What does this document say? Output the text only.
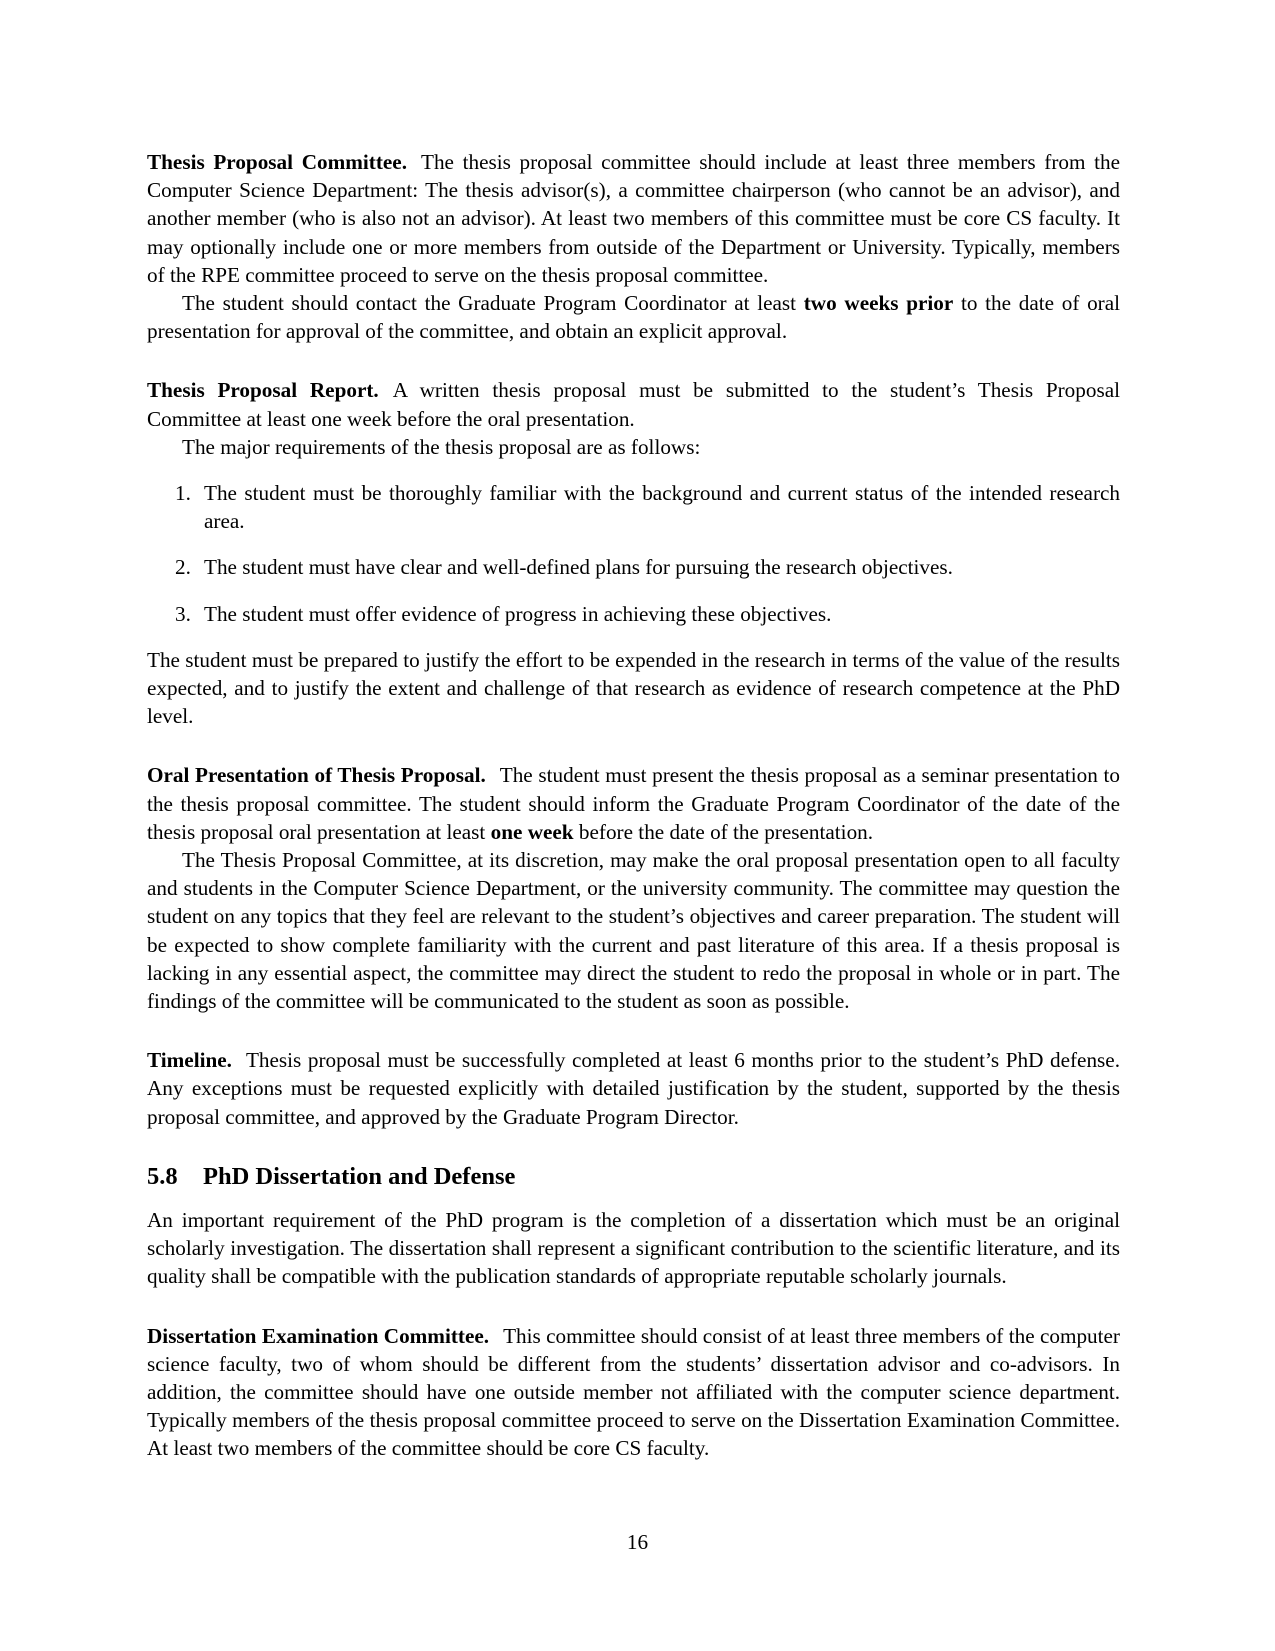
Thesis Proposal Committee. The thesis proposal committee should include at least three members from the Computer Science Department: The thesis advisor(s), a committee chairperson (who cannot be an advisor), and another member (who is also not an advisor). At least two members of this committee must be core CS faculty. It may optionally include one or more members from outside of the Department or University. Typically, members of the RPE committee proceed to serve on the thesis proposal committee.

The student should contact the Graduate Program Coordinator at least two weeks prior to the date of oral presentation for approval of the committee, and obtain an explicit approval.

Thesis Proposal Report. A written thesis proposal must be submitted to the student’s Thesis Proposal Committee at least one week before the oral presentation.

The major requirements of the thesis proposal are as follows:

1. The student must be thoroughly familiar with the background and current status of the intended research area.
2. The student must have clear and well-defined plans for pursuing the research objectives.
3. The student must offer evidence of progress in achieving these objectives.

The student must be prepared to justify the effort to be expended in the research in terms of the value of the results expected, and to justify the extent and challenge of that research as evidence of research competence at the PhD level.

Oral Presentation of Thesis Proposal. The student must present the thesis proposal as a seminar presentation to the thesis proposal committee. The student should inform the Graduate Program Coordinator of the date of the thesis proposal oral presentation at least one week before the date of the presentation.

The Thesis Proposal Committee, at its discretion, may make the oral proposal presentation open to all faculty and students in the Computer Science Department, or the university community. The committee may question the student on any topics that they feel are relevant to the student’s objectives and career preparation. The student will be expected to show complete familiarity with the current and past literature of this area. If a thesis proposal is lacking in any essential aspect, the committee may direct the student to redo the proposal in whole or in part. The findings of the committee will be communicated to the student as soon as possible.

Timeline. Thesis proposal must be successfully completed at least 6 months prior to the student’s PhD defense. Any exceptions must be requested explicitly with detailed justification by the student, supported by the thesis proposal committee, and approved by the Graduate Program Director.

5.8 PhD Dissertation and Defense

An important requirement of the PhD program is the completion of a dissertation which must be an original scholarly investigation. The dissertation shall represent a significant contribution to the scientific literature, and its quality shall be compatible with the publication standards of appropriate reputable scholarly journals.

Dissertation Examination Committee. This committee should consist of at least three members of the computer science faculty, two of whom should be different from the students’ dissertation advisor and co-advisors. In addition, the committee should have one outside member not affiliated with the computer science department. Typically members of the thesis proposal committee proceed to serve on the Dissertation Examination Committee. At least two members of the committee should be core CS faculty.

16
